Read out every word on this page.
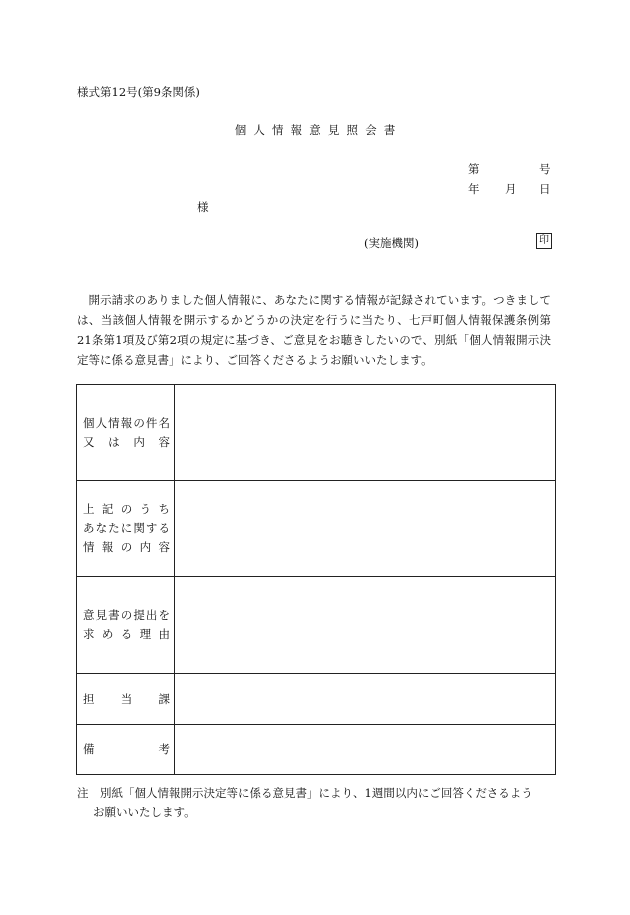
様式第12号(第9条関係)
個人情報意見照会書
第	号
年 月 日
様
(実施機関)	印
開示請求のありました個人情報に、あなたに関する情報が記録されています。つきましては、当該個人情報を開示するかどうかの決定を行うに当たり、七戸町個人情報保護条例第21条第1項及び第2項の規定に基づき、ご意見をお聴きしたいので、別紙「個人情報開示決定等に係る意見書」により、ご回答くださるようお願いいたします。
個人情報の件名
又は内容	

上記のうち
あなたに関する
情報の内容	

意見書の提出を
求める理由	

担当課	

備考	

注　別紙「個人情報開示決定等に係る意見書」により、1週間以内にご回答くださるよう
お願いいたします。
